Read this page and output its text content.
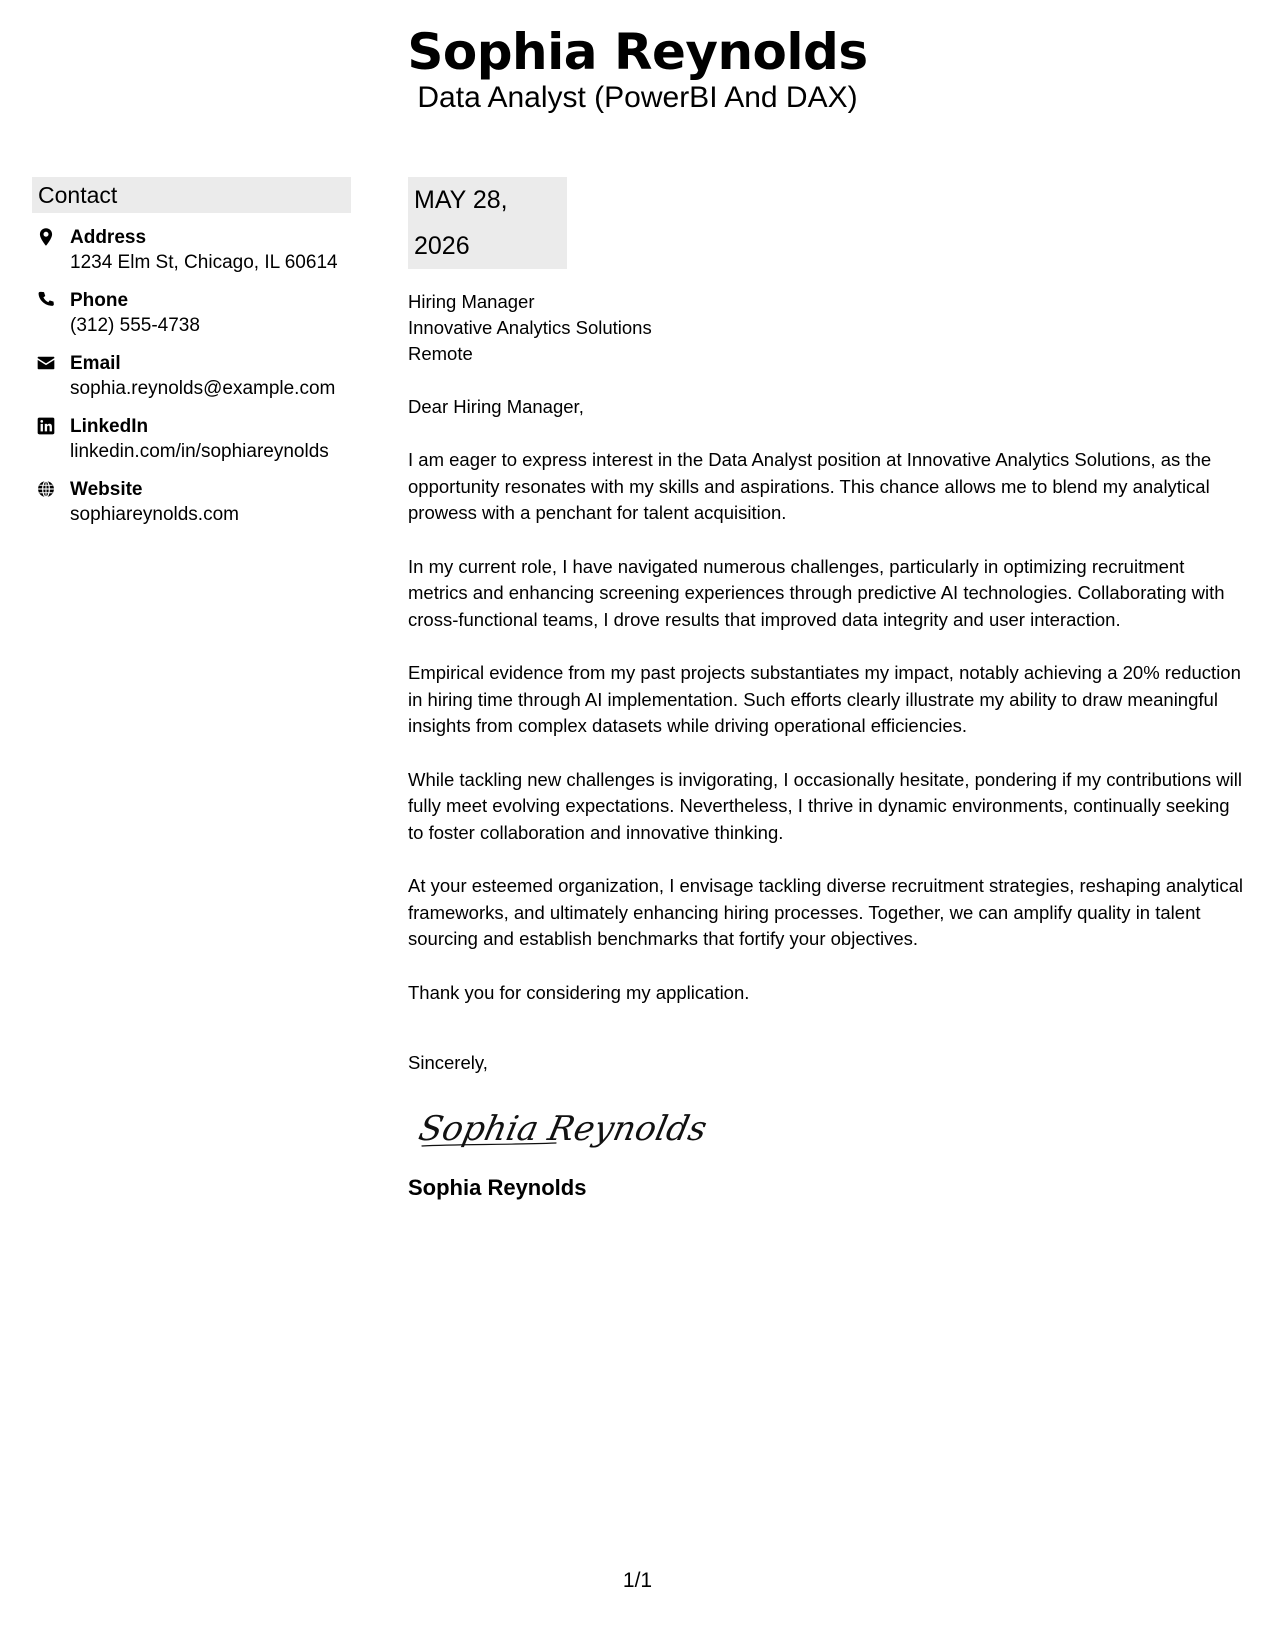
Sophia Reynolds
Data Analyst (PowerBI And DAX)
Contact
Address
1234 Elm St, Chicago, IL 60614
Phone
(312) 555-4738
Email
sophia.reynolds@example.com
LinkedIn
linkedin.com/in/sophiareynolds
Website
sophiareynolds.com
MAY 28, 2026
Hiring Manager
Innovative Analytics Solutions
Remote
Dear Hiring Manager,
I am eager to express interest in the Data Analyst position at Innovative Analytics Solutions, as the opportunity resonates with my skills and aspirations. This chance allows me to blend my analytical prowess with a penchant for talent acquisition.
In my current role, I have navigated numerous challenges, particularly in optimizing recruitment metrics and enhancing screening experiences through predictive AI technologies. Collaborating with cross-functional teams, I drove results that improved data integrity and user interaction.
Empirical evidence from my past projects substantiates my impact, notably achieving a 20% reduction in hiring time through AI implementation. Such efforts clearly illustrate my ability to draw meaningful insights from complex datasets while driving operational efficiencies.
While tackling new challenges is invigorating, I occasionally hesitate, pondering if my contributions will fully meet evolving expectations. Nevertheless, I thrive in dynamic environments, continually seeking to foster collaboration and innovative thinking.
At your esteemed organization, I envisage tackling diverse recruitment strategies, reshaping analytical frameworks, and ultimately enhancing hiring processes. Together, we can amplify quality in talent sourcing and establish benchmarks that fortify your objectives.
Thank you for considering my application.
Sincerely,
Sophia Reynolds
Sophia Reynolds
1/1
